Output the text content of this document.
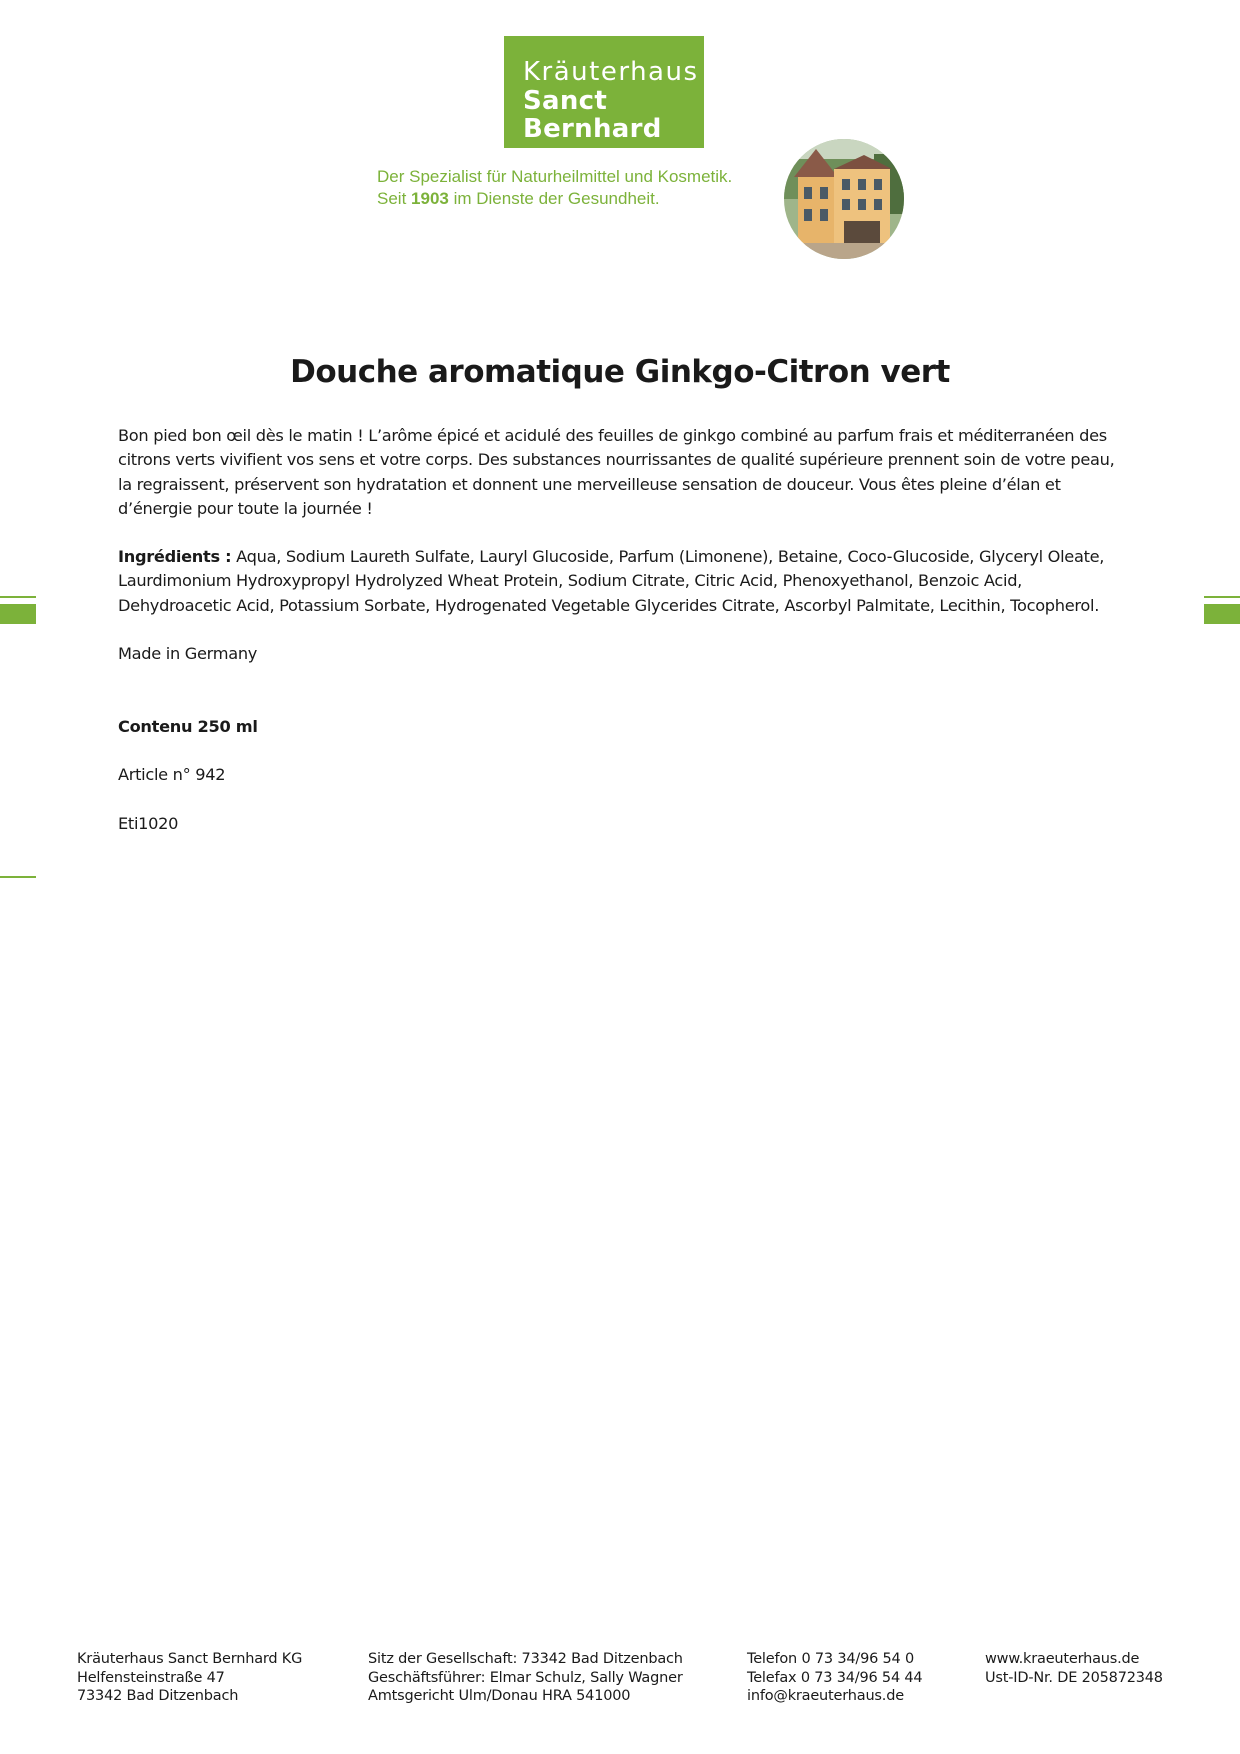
Kräuterhaus
Sanct Bernhard
Der Spezialist für Naturheilmittel und Kosmetik.
Seit 1903 im Dienste der Gesundheit.
Douche aromatique Ginkgo-Citron vert
Bon pied bon œil dès le matin ! L’arôme épicé et acidulé des feuilles de ginkgo combiné au parfum frais et méditerranéen des citrons verts vivifient vos sens et votre corps. Des substances nourrissantes de qualité supérieure prennent soin de votre peau, la regraissent, préservent son hydratation et donnent une merveilleuse sensation de douceur. Vous êtes pleine d’élan et d’énergie pour toute la journée !
Ingrédients : Aqua, Sodium Laureth Sulfate, Lauryl Glucoside, Parfum (Limonene), Betaine, Coco-Glucoside, Glyceryl Oleate, Laurdimonium Hydroxypropyl Hydrolyzed Wheat Protein, Sodium Citrate, Citric Acid, Phenoxyethanol, Benzoic Acid, Dehydroacetic Acid, Potassium Sorbate, Hydrogenated Vegetable Glycerides Citrate, Ascorbyl Palmitate, Lecithin, Tocopherol.
Made in Germany
Contenu 250 ml
Article n° 942
Eti1020
Kräuterhaus Sanct Bernhard KG
Helfensteinstraße 47
73342 Bad Ditzenbach
Sitz der Gesellschaft: 73342 Bad Ditzenbach
Geschäftsführer: Elmar Schulz, Sally Wagner
Amtsgericht Ulm/Donau HRA 541000
Telefon 0 73 34/96 54 0
Telefax 0 73 34/96 54 44
info@kraeuterhaus.de
www.kraeuterhaus.de
Ust-ID-Nr. DE 205872348
